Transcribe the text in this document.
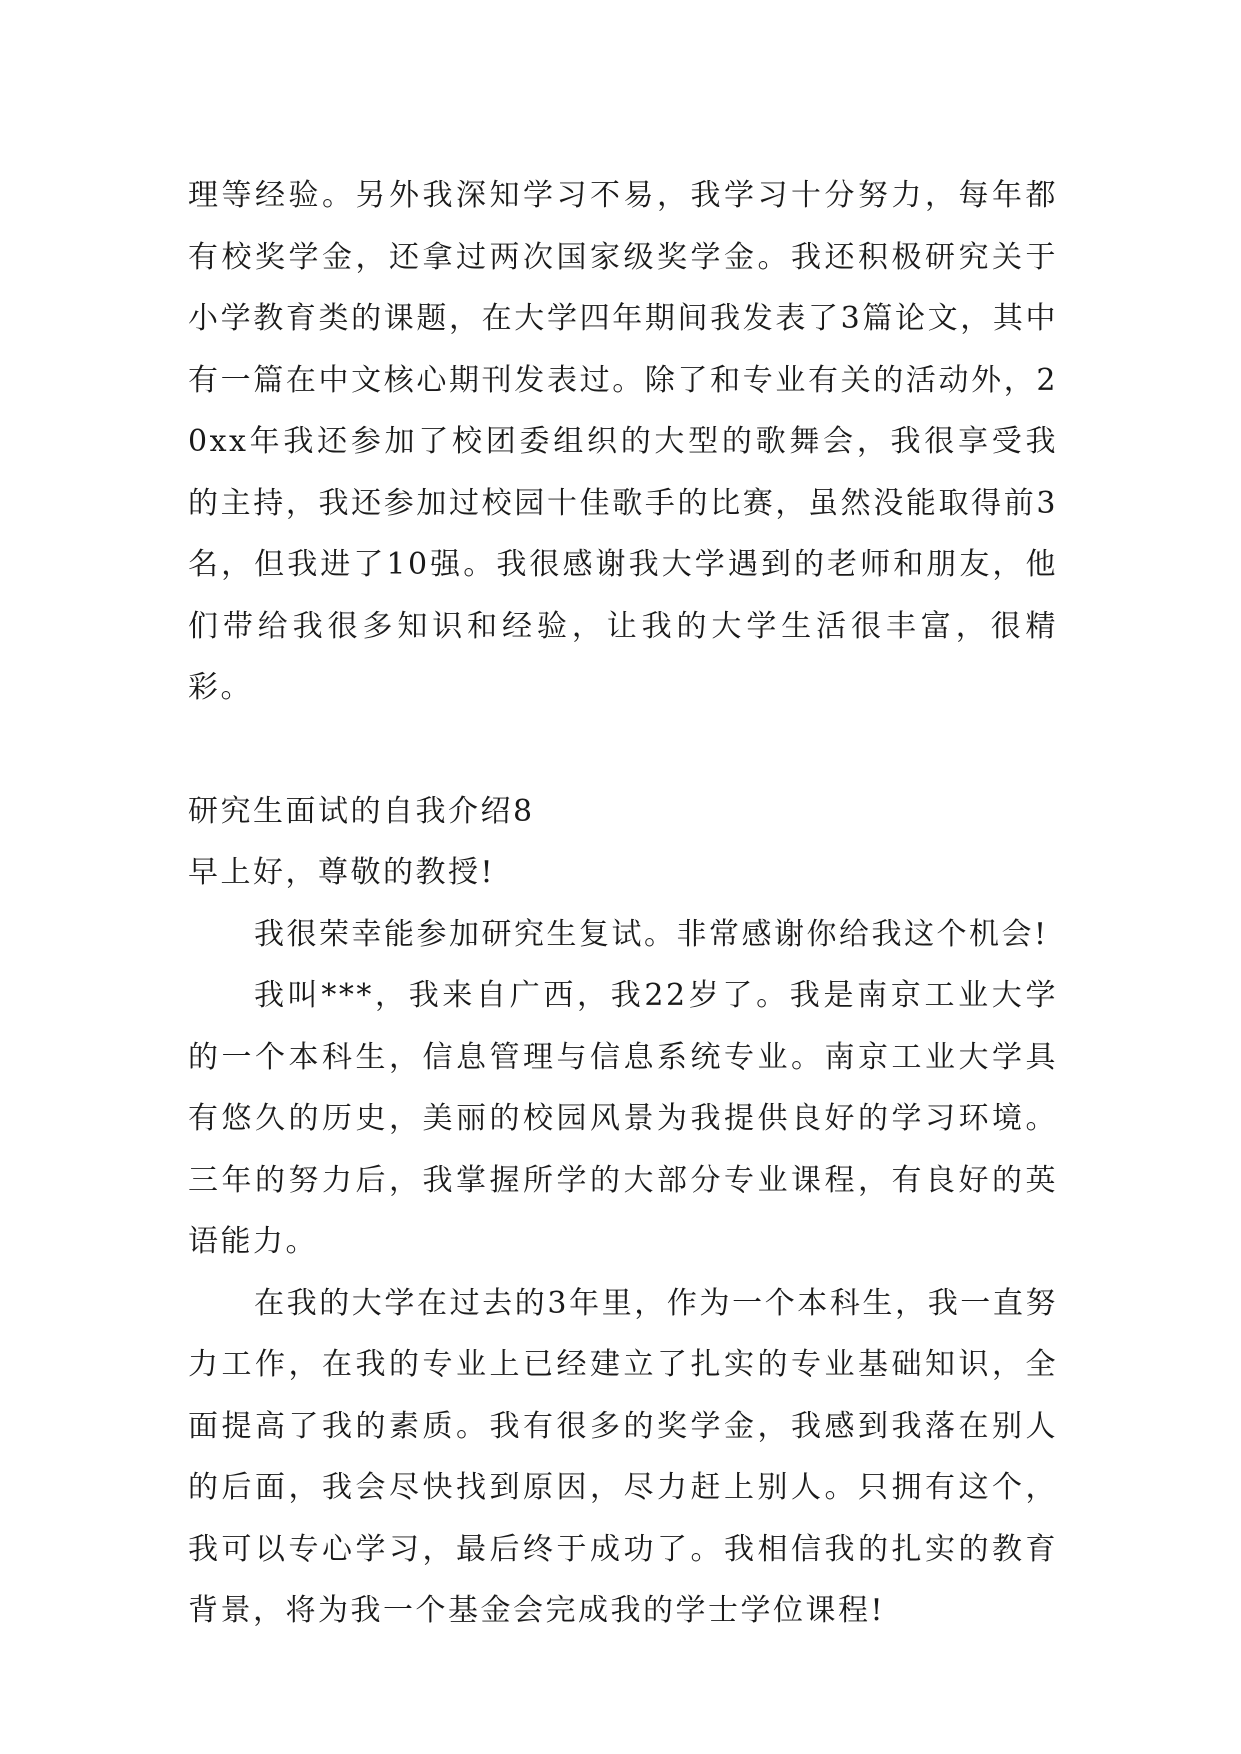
理等经验。另外我深知学习不易，我学习十分努力，每年都有校奖学金，还拿过两次国家级奖学金。我还积极研究关于小学教育类的课题，在大学四年期间我发表了3篇论文，其中有一篇在中文核心期刊发表过。除了和专业有关的活动外，20xx年我还参加了校团委组织的大型的歌舞会，我很享受我的主持，我还参加过校园十佳歌手的比赛，虽然没能取得前3名，但我进了10强。我很感谢我大学遇到的老师和朋友，他们带给我很多知识和经验，让我的大学生活很丰富，很精彩。

研究生面试的自我介绍8

早上好，尊敬的教授!

我很荣幸能参加研究生复试。非常感谢你给我这个机会!

我叫***，我来自广西，我22岁了。我是南京工业大学的一个本科生，信息管理与信息系统专业。南京工业大学具有悠久的历史，美丽的校园风景为我提供良好的学习环境。三年的努力后，我掌握所学的大部分专业课程，有良好的英语能力。

在我的大学在过去的3年里，作为一个本科生，我一直努力工作，在我的专业上已经建立了扎实的专业基础知识，全面提高了我的素质。我有很多的奖学金，我感到我落在别人的后面，我会尽快找到原因，尽力赶上别人。只拥有这个，我可以专心学习，最后终于成功了。我相信我的扎实的教育背景，将为我一个基金会完成我的学士学位课程!
